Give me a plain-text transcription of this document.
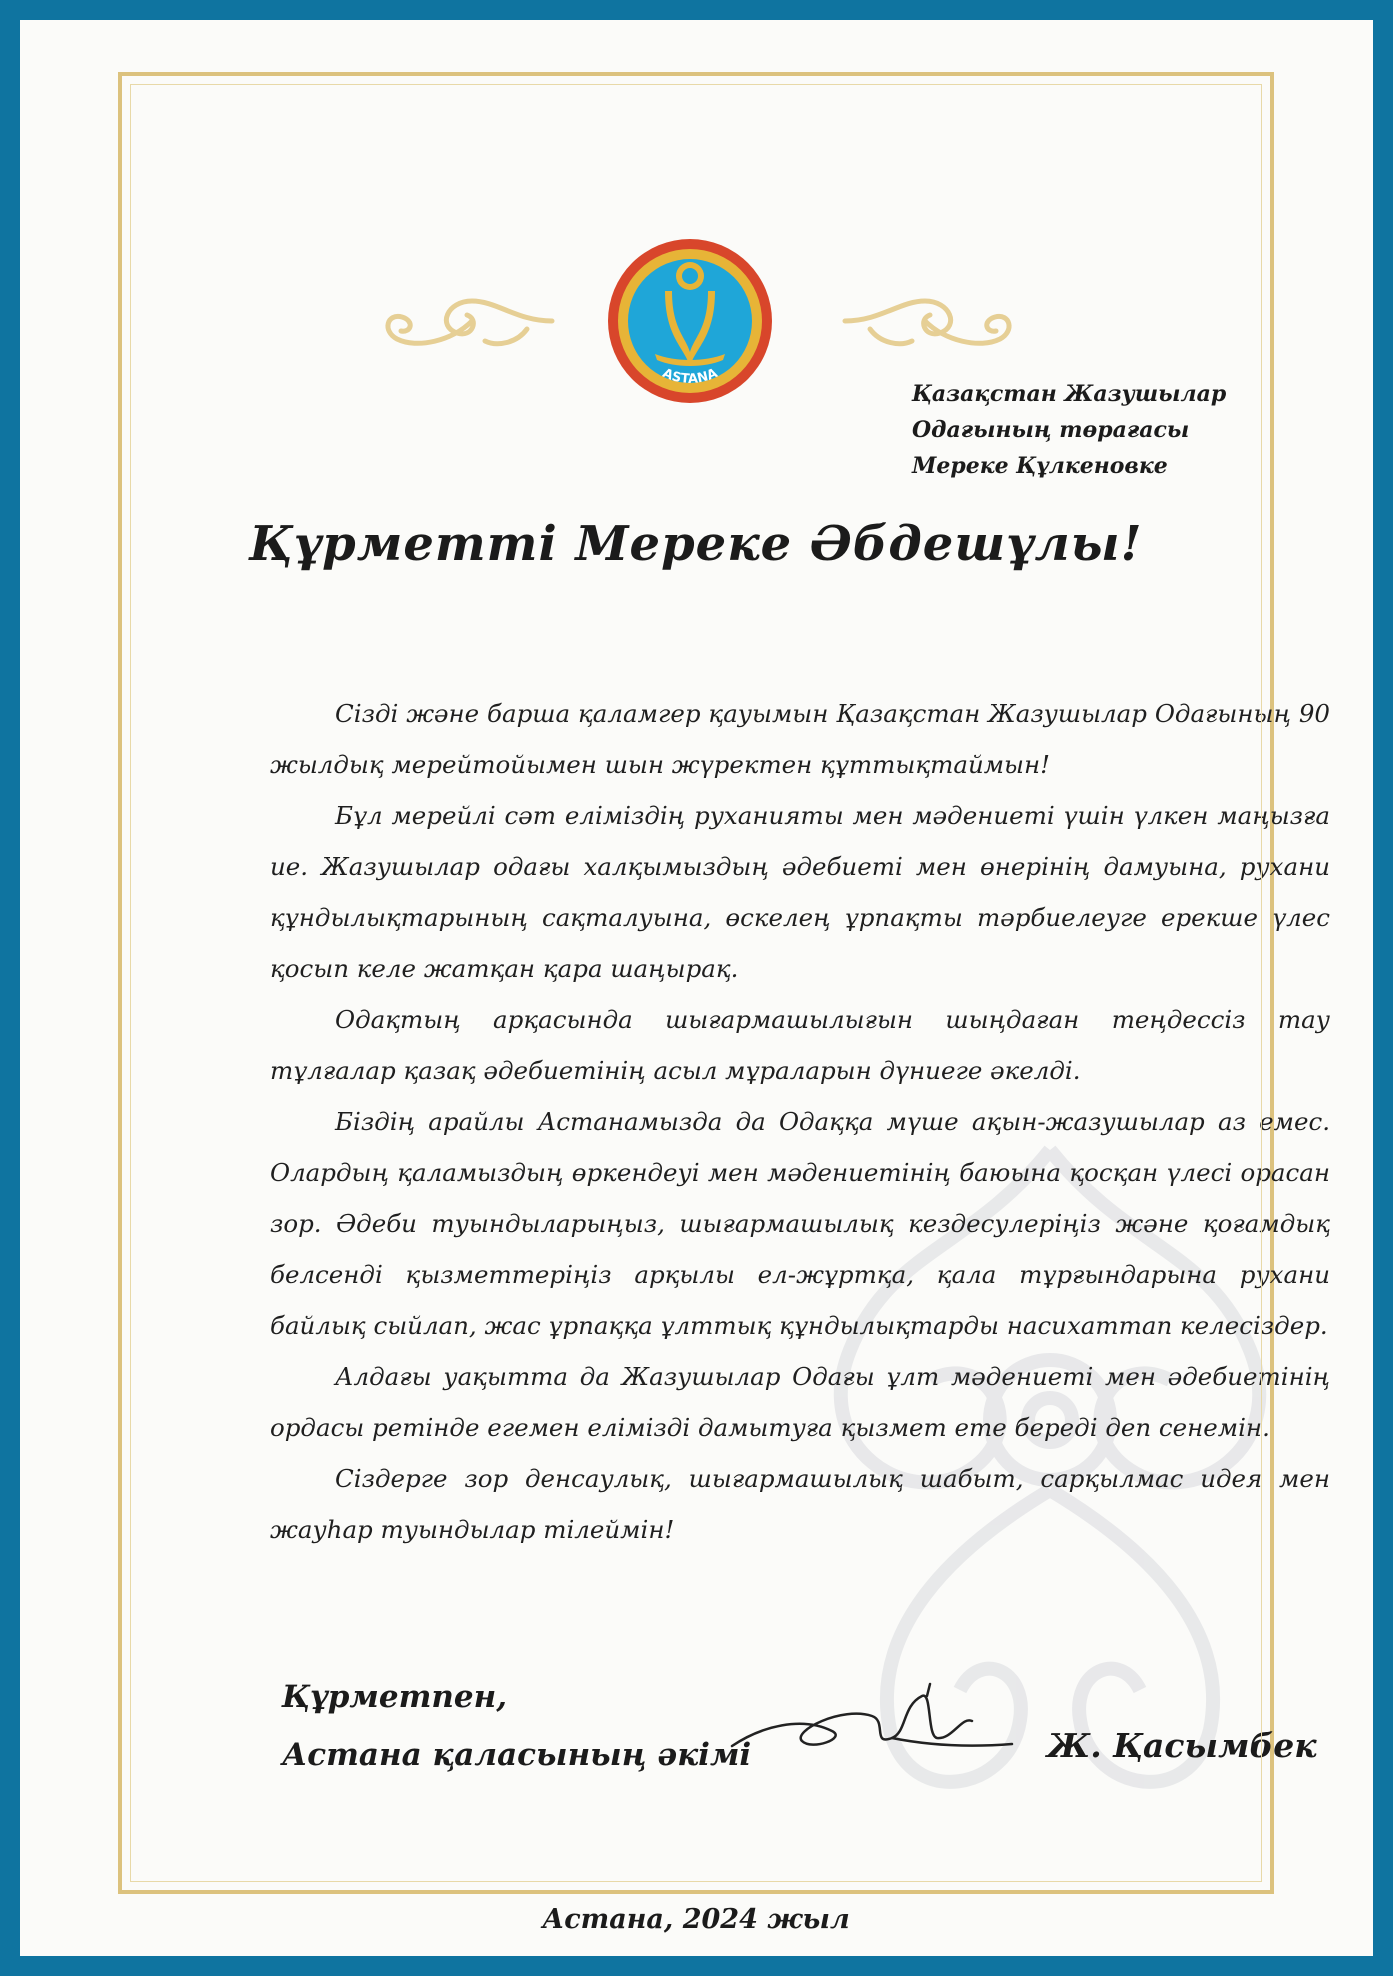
ASTANA
Қазақстан Жазушылар
Одағының төрағасы
Мереке Құлкеновке
Құрметті Мереке Әбдешұлы!

Сізді және барша қаламгер қауымын Қазақстан Жазушылар Одағының 90 жылдық мерейтойымен шын жүректен құттықтаймын!

Бұл мерейлі сәт еліміздің руханияты мен мәдениеті үшін үлкен маңызға ие. Жазушылар одағы халқымыздың әдебиеті мен өнерінің дамуына, рухани құндылықтарының сақталуына, өскелең ұрпақты тәрбиелеуге ерекше үлес қосып келе жатқан қара шаңырақ.

Одақтың арқасында шығармашылығын шыңдаған теңдессіз тау тұлғалар қазақ әдебиетінің асыл мұраларын дүниеге әкелді.

Біздің арайлы Астанамызда да Одаққа мүше ақын-жазушылар аз емес. Олардың қаламыздың өркендеуі мен мәдениетінің баюына қосқан үлесі орасан зор. Әдеби туындыларыңыз, шығармашылық кездесулеріңіз және қоғамдық белсенді қызметтеріңіз арқылы ел-жұртқа, қала тұрғындарына рухани байлық сыйлап, жас ұрпаққа ұлттық құндылықтарды насихаттап келесіздер.

Алдағы уақытта да Жазушылар Одағы ұлт мәдениеті мен әдебиетінің ордасы ретінде егемен елімізді дамытуға қызмет ете береді деп сенемін.

Сіздерге зор денсаулық, шығармашылық шабыт, сарқылмас идея мен жауһар туындылар тілеймін!

Құрметпен,
Астана қаласының әкімі	Ж. Қасымбек
Астана, 2024 жыл
